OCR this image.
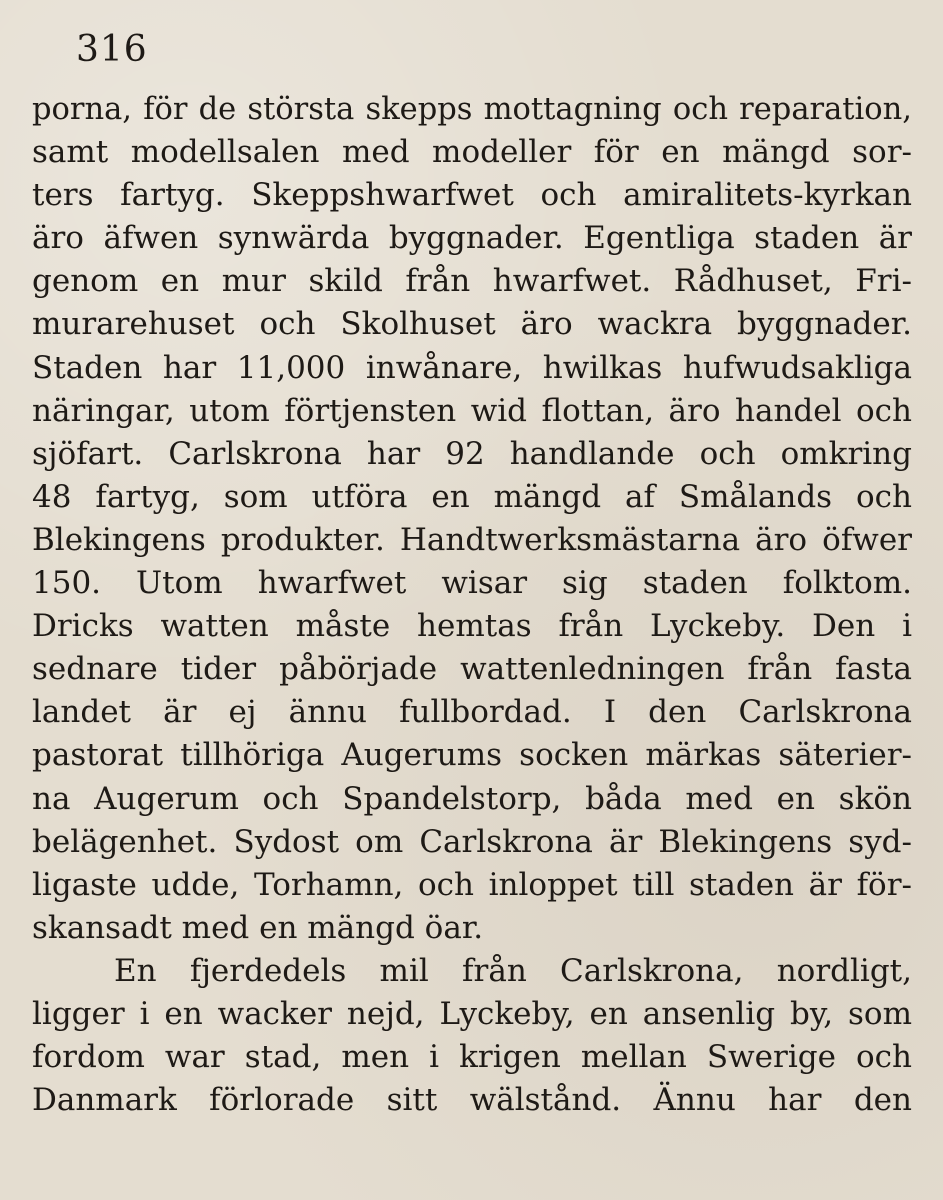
316
porna, för de största skepps mottagning och reparation,
samt modellsalen med modeller för en mängd sor-
ters fartyg. Skeppshwarfwet och amiralitets-kyrkan
äro äfwen synwärda byggnader. Egentliga staden är
genom en mur skild från hwarfwet. Rådhuset, Fri-
murarehuset och Skolhuset äro wackra byggnader.
Staden har 11,000 inwånare, hwilkas hufwudsakliga
näringar, utom förtjensten wid flottan, äro handel och
sjöfart. Carlskrona har 92 handlande och omkring
48 fartyg, som utföra en mängd af Smålands och
Blekingens produkter. Handtwerksmästarna äro öfwer
150. Utom hwarfwet wisar sig staden folktom.
Dricks watten måste hemtas från Lyckeby. Den i
sednare tider påbörjade wattenledningen från fasta
landet är ej ännu fullbordad. I den Carlskrona
pastorat tillhöriga Augerums socken märkas säterier-
na Augerum och Spandelstorp, båda med en skön
belägenhet. Sydost om Carlskrona är Blekingens syd-
ligaste udde, Torhamn, och inloppet till staden är för-
skansadt med en mängd öar.
En fjerdedels mil från Carlskrona, nordligt,
ligger i en wacker nejd, Lyckeby, en ansenlig by, som
fordom war stad, men i krigen mellan Swerige och
Danmark förlorade sitt wälstånd. Ännu har den
